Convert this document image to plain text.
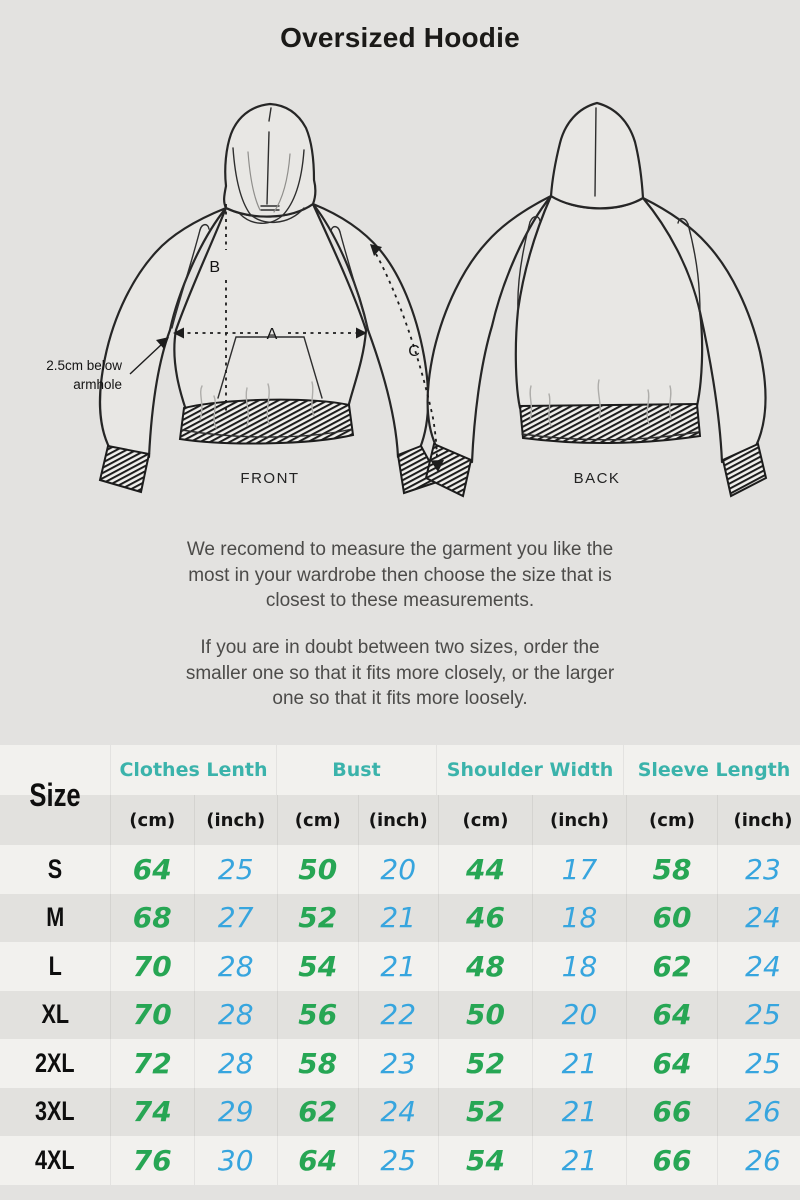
Oversized Hoodie
B
A
C
2.5cm below
armhole
FRONT	BACK
We recomend to measure the garment you like the most in your wardrobe then choose the size that is closest to these measurements.
If you are in doubt between two sizes, order the smaller one so that it fits more closely, or the larger one so that it fits more loosely.
Size
Clothes Lenth	Bust	Shoulder Width	Sleeve Length
(cm)	(inch)	(cm)	(inch)	(cm)	(inch)	(cm)	(inch)
S	64	25	50	20	44	17	58	23
M	68	27	52	21	46	18	60	24
L	70	28	54	21	48	18	62	24
XL	70	28	56	22	50	20	64	25
2XL	72	28	58	23	52	21	64	25
3XL	74	29	62	24	52	21	66	26
4XL	76	30	64	25	54	21	66	26
